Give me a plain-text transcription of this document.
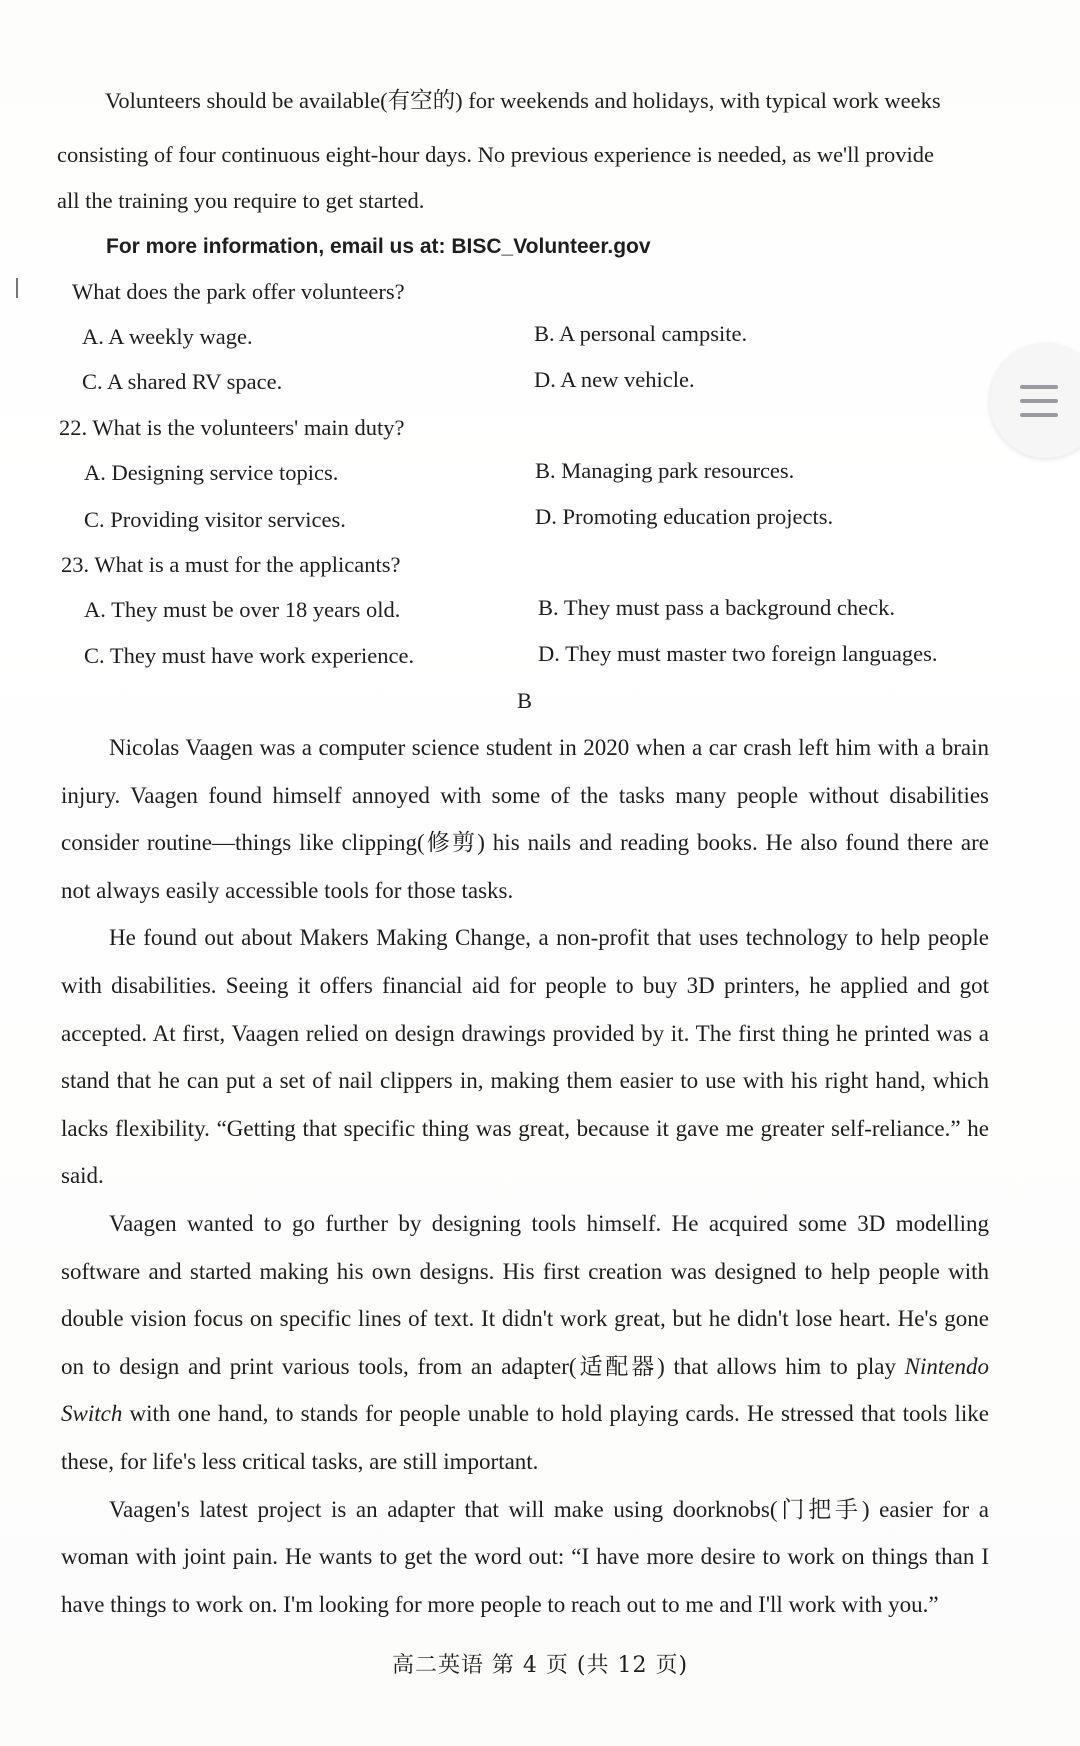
Volunteers should be available(有空的) for weekends and holidays, with typical work weeks
consisting of four continuous eight-hour days. No previous experience is needed, as we'll provide
all the training you require to get started.
For more information, email us at: BISC_Volunteer.gov
What does the park offer volunteers?
A. A weekly wage.	B. A personal campsite.
C. A shared RV space.	D. A new vehicle.
22. What is the volunteers' main duty?
A. Designing service topics.	B. Managing park resources.
C. Providing visitor services.	D. Promoting education projects.
23. What is a must for the applicants?
A. They must be over 18 years old.	B. They must pass a background check.
C. They must have work experience.	D. They must master two foreign languages.
B

Nicolas Vaagen was a computer science student in 2020 when a car crash left him with a brain injury. Vaagen found himself annoyed with some of the tasks many people without disabilities consider routine—things like clipping(修剪) his nails and reading books. He also found there are not always easily accessible tools for those tasks.

He found out about Makers Making Change, a non-profit that uses technology to help people with disabilities. Seeing it offers financial aid for people to buy 3D printers, he applied and got accepted. At first, Vaagen relied on design drawings provided by it. The first thing he printed was a stand that he can put a set of nail clippers in, making them easier to use with his right hand, which lacks flexibility. “Getting that specific thing was great, because it gave me greater self-reliance.” he said.

Vaagen wanted to go further by designing tools himself. He acquired some 3D modelling software and started making his own designs. His first creation was designed to help people with double vision focus on specific lines of text. It didn't work great, but he didn't lose heart. He's gone on to design and print various tools, from an adapter(适配器) that allows him to play Nintendo Switch with one hand, to stands for people unable to hold playing cards. He stressed that tools like these, for life's less critical tasks, are still important.

Vaagen's latest project is an adapter that will make using doorknobs(门把手) easier for a woman with joint pain. He wants to get the word out: “I have more desire to work on things than I have things to work on. I'm looking for more people to reach out to me and I'll work with you.”

高二英语 第 4 页 (共 12 页)
